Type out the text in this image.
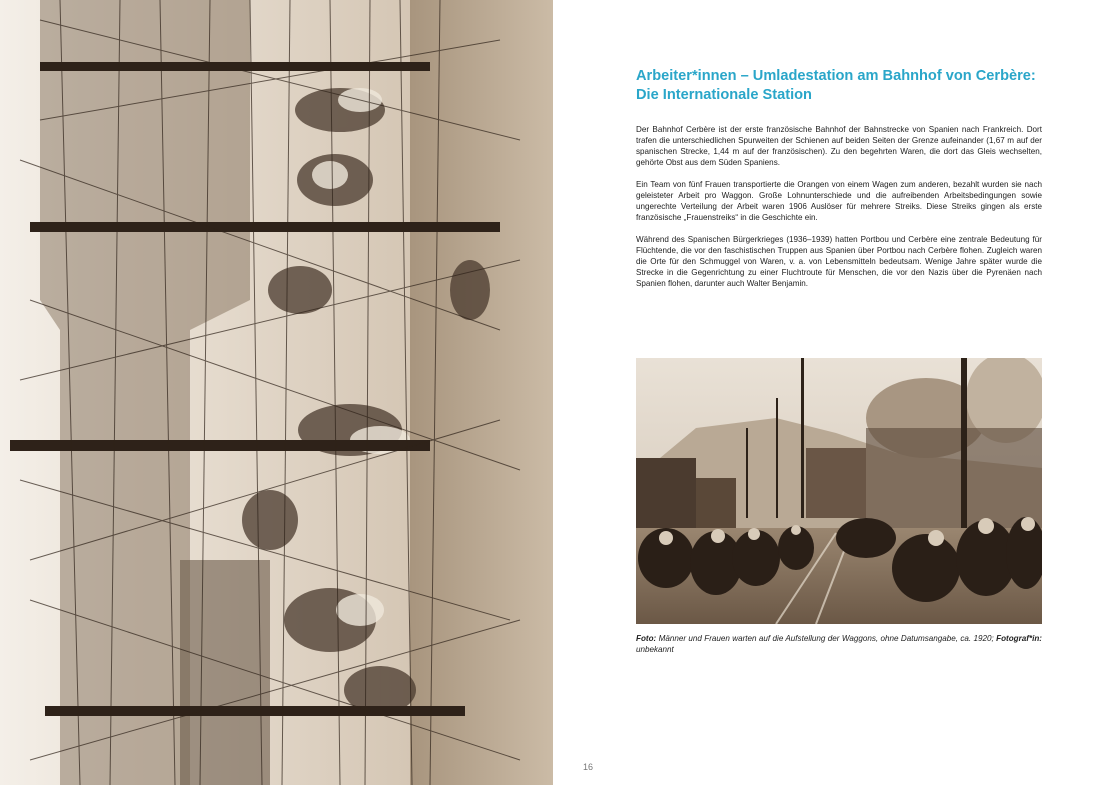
Arbeiter*innen – Umladestation am Bahnhof von Cerbère:
Die Internationale Station

Der Bahnhof Cerbère ist der erste französische Bahnhof der Bahnstrecke von Spanien nach Frankreich. Dort trafen die unterschiedlichen Spurweiten der Schienen auf beiden Seiten der Grenze aufeinander (1,67 m auf der spanischen Strecke, 1,44 m auf der französischen). Zu den begehrten Waren, die dort das Gleis wechselten, gehörte Obst aus dem Süden Spaniens.

Ein Team von fünf Frauen transportierte die Orangen von einem Wagen zum anderen, bezahlt wurden sie nach geleisteter Arbeit pro Waggon. Große Lohnunterschiede und die aufreibenden Arbeitsbedingungen sowie ungerechte Verteilung der Arbeit waren 1906 Auslöser für mehrere Streiks. Diese Streiks gingen als erste französische „Frauenstreiks“ in die Geschichte ein.

Während des Spanischen Bürgerkrieges (1936–1939) hatten Portbou und Cerbère eine zentrale Bedeutung für Flüchtende, die vor den faschistischen Truppen aus Spanien über Portbou nach Cerbère flohen. Zugleich waren die Orte für den Schmuggel von Waren, v. a. von Lebensmitteln bedeutsam. Wenige Jahre später wurde die Strecke in die Gegenrichtung zu einer Fluchtroute für Menschen, die vor den Nazis über die Pyrenäen nach Spanien flohen, darunter auch Walter Benjamin.

Foto: Männer und Frauen warten auf die Aufstellung der Waggons, ohne Datumsangabe, ca. 1920; Fotograf*in: unbekannt

16
